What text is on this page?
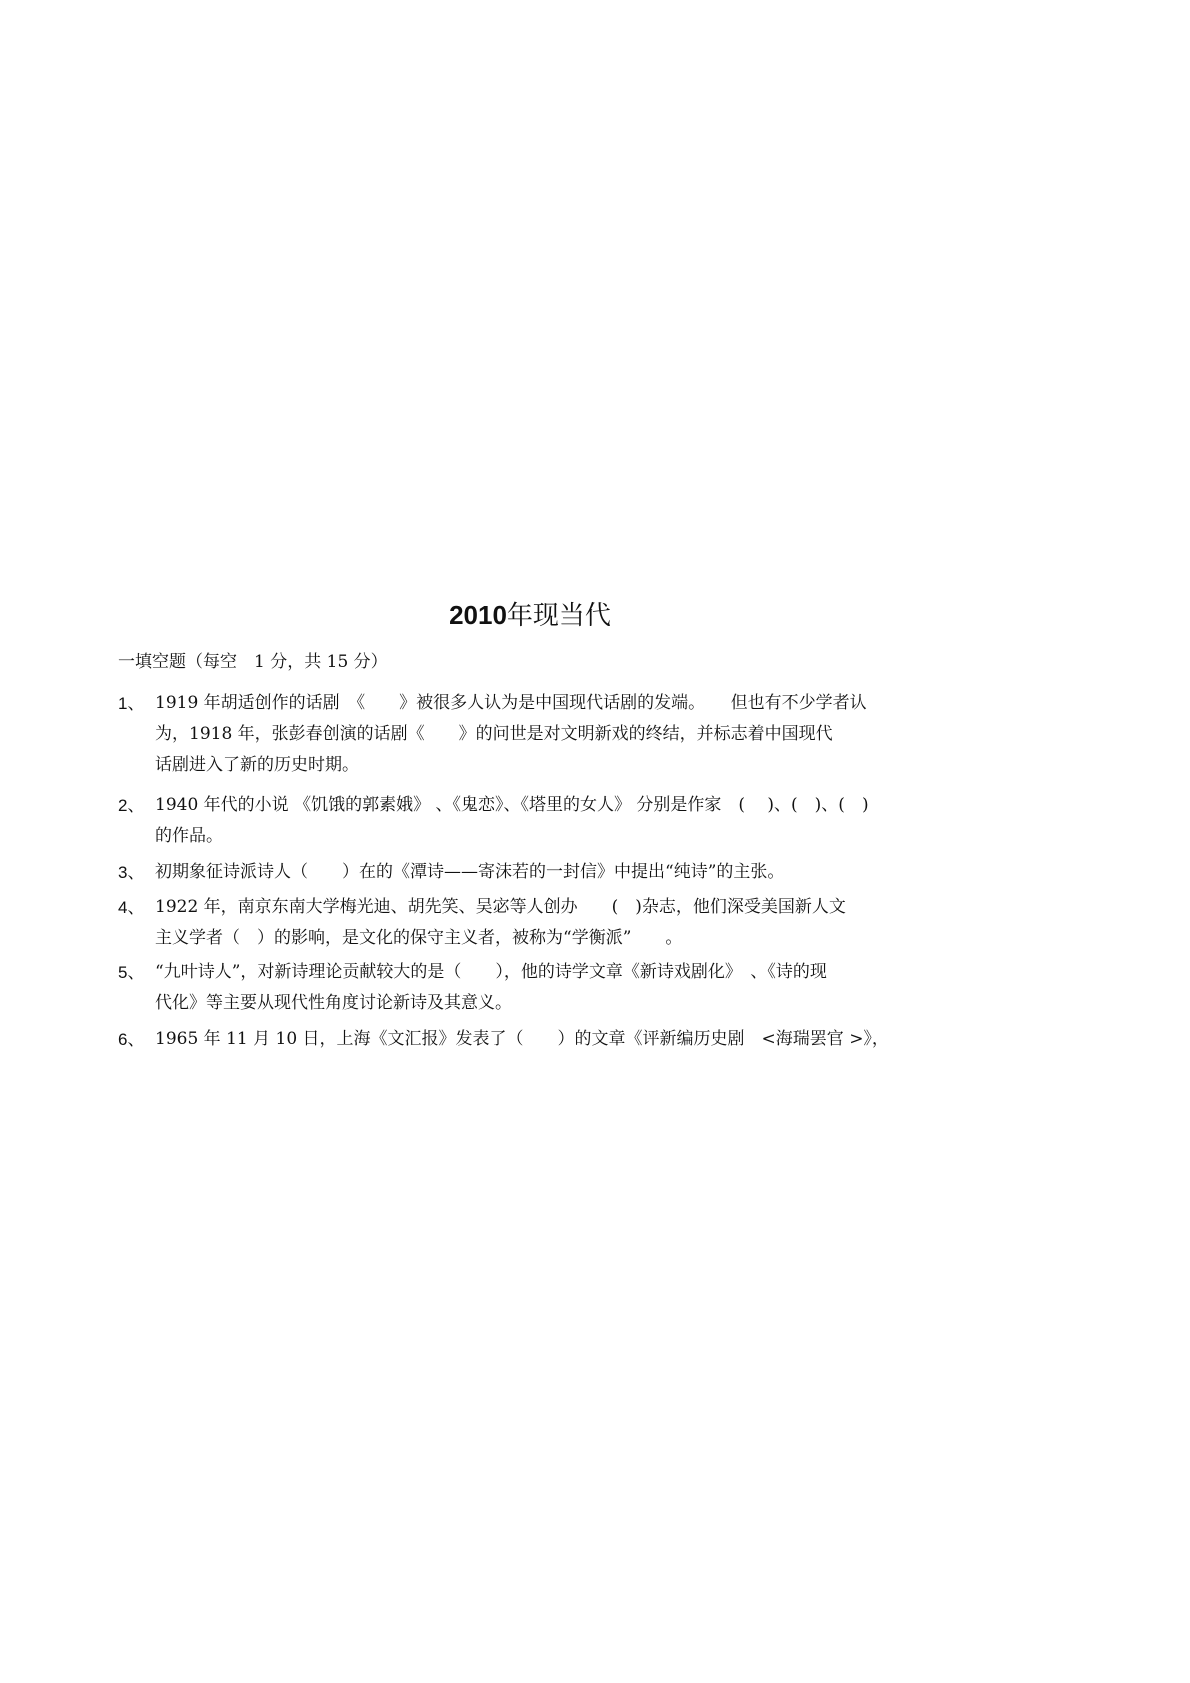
2010年现当代
一填空题（每空　1 分，共 15 分）
1、 1919 年胡适创作的话剧　《　　》被很多人认为是中国现代话剧的发端。　　但也有不少学者认
为，1918 年，张彭春创演的话剧《　　》的问世是对文明新戏的终结，并标志着中国现代
话剧进入了新的历史时期。
2、 1940 年代的小说 《饥饿的郭素娥》 、《鬼恋》、《塔里的女人》 分别是作家　(　 )、(　)、(　)
的作品。
3、 初期象征诗派诗人（　　）在的《潭诗——寄沫若的一封信》中提出“纯诗”的主张。
4、 1922 年，南京东南大学梅光迪、胡先笑、吴宓等人创办　　(　)杂志，他们深受美国新人文
主义学者（　）的影响，是文化的保守主义者，被称为“学衡派”　　。
5、 “九叶诗人”，对新诗理论贡献较大的是（　　），他的诗学文章《新诗戏剧化》　、《诗的现
代化》等主要从现代性角度讨论新诗及其意义。
6、 1965 年 11 月 10 日，上海《文汇报》发表了（　　）的文章《评新编历史剧　<海瑞罢官 >》，
